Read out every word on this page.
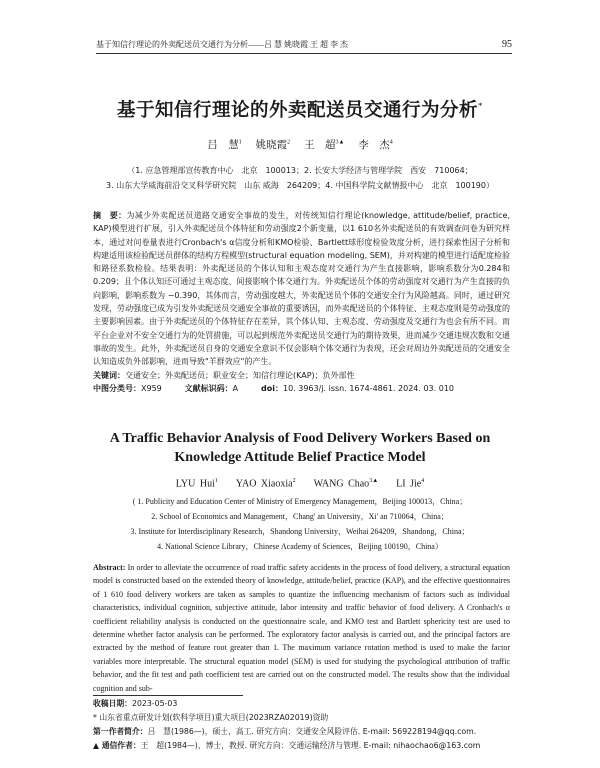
基于知信行理论的外卖配送员交通行为分析——吕 慧 姚晓霞 王 超 李 杰	95
基于知信行理论的外卖配送员交通行为分析*
吕　慧$^1$ 姚晓霞$^2$ 王　超$^{3▲}$ 李　杰$^4$
（1. 应急管理部宣传教育中心　北京　100013；2. 长安大学经济与管理学院　西安　710064；
3. 山东大学威海前沿交叉科学研究院　山东 威海　264209；4. 中国科学院文献情报中心　北京　100190）
摘　要：为减少外卖配送员道路交通安全事故的发生，对传统知信行理论(knowledge, attitude/belief, practice, KAP)模型进行扩展，引入外卖配送员个体特征和劳动强度2个新变量，以1 610名外卖配送员的有效调查问卷为研究样本，通过对问卷量表进行Cronbach's α信度分析和KMO检验、Bartlett球形度检验效度分析，进行探索性因子分析和构建适用该检验配送员群体的结构方程模型(structural equation modeling, SEM)，并对构建的模型进行适配度检验和路径系数检验。结果表明：外卖配送员的个体认知和主观态度对交通行为产生直接影响，影响系数分为0.284和0.209；且个体认知还可通过主观态度、间接影响个体交通行为。外卖配送员个体的劳动强度对交通行为产生直接的负向影响，影响系数为 −0.390，其体而言，劳动强度越大，外卖配送员个体的交通安全行为风险越高。同时，通过研究发现，劳动强度已成为引发外卖配送员交通安全事故的重要诱因，而外卖配送员的个体特征、主观态度则是劳动强度的主要影响因素。由于外卖配送员的个体特征存在差异，其个体认知、主观态度、劳动强度及交通行为也会有所不同。而平台企业对不安全交通行为的处罚措施，可以起到规范外卖配送员交通行为的期待效果，进而减少交通违规次数和交通事故的发生。此外，外卖配送员自身的交通安全意识不仅会影响个体交通行为表现，还会对周边外卖配送员的交通安全认知造成负外部影响，进而导致"羊群效应"的产生。
关键词：交通安全；外卖配送员；职业安全；知信行理论(KAP)；负外部性
中图分类号：X959	文献标识码：A	doi：10. 3963/j. issn. 1674-4861. 2024. 03. 010
A Traffic Behavior Analysis of Food Delivery Workers Based on
Knowledge Attitude Belief Practice Model
LYU Hui$^1$ YAO Xiaoxia$^2$ WANG Chao$^{3▲}$ LI Jie$^4$
( 1. Publicity and Education Center of Ministry of Emergency Management，Beijing 100013，China；
2. School of Economics and Management，Chang' an University，Xi' an 710064，China；
3. Institute for Interdisciplinary Research，Shandong University，Weihai 264209，Shandong，China；
4. National Science Library，Chinese Academy of Sciences，Beijing 100190，China）
Abstract: In order to alleviate the occurrence of road traffic safety accidents in the process of food delivery, a structural equation model is constructed based on the extended theory of knowledge, attitude/belief, practice (KAP), and the effective questionnaires of 1 610 food delivery workers are taken as samples to quantize the influencing mechanism of factors such as individual characteristics, individual cognition, subjective attitude, labor intensity and traffic behavior of food delivery. A Cronbach's α coefficient reliability analysis is conducted on the questionnaire scale, and KMO test and Bartlett sphericity test are used to determine whether factor analysis can be performed. The exploratory factor analysis is carried out, and the principal factors are extracted by the method of feature root greater than 1. The maximum variance rotation method is used to make the factor variables more interpretable. The structural equation model (SEM) is used for studying the psychological attribution of traffic behavior, and the fit test and path coefficient test are carried out on the constructed model. The results show that the individual cognition and sub-
收稿日期：2023-05-03
* 山东省重点研发计划(软科学项目)重大项目(2023RZA02019)资助
第一作者简介：吕　慧(1986—)，硕士，高工. 研究方向：交通安全风险评估. E-mail: 569228194@qq.com.
▲ 通信作者：王　超(1984—)，博士，教授. 研究方向：交通运输经济与管理. E-mail: nihaochao6@163.com
